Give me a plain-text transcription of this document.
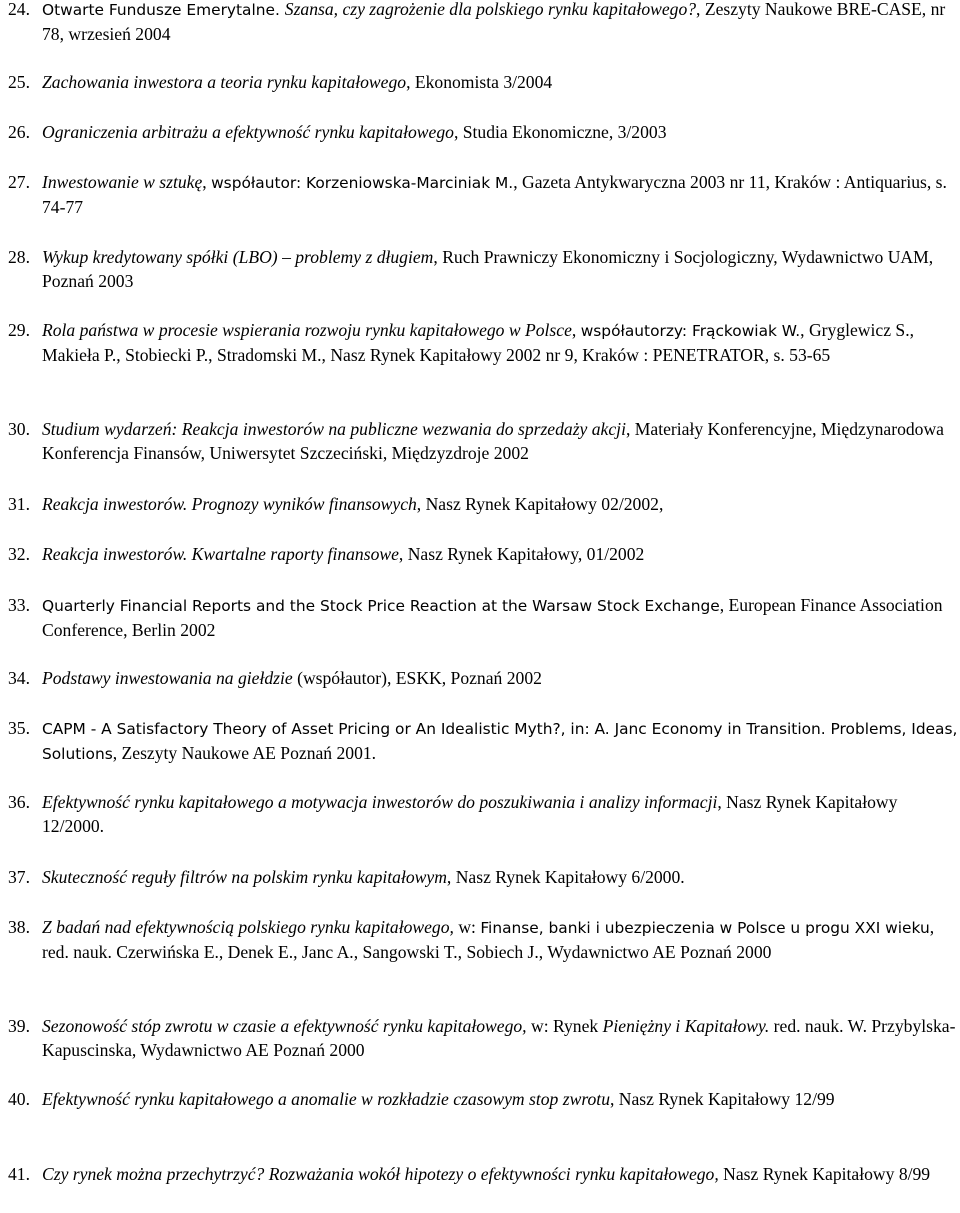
24. Otwarte Fundusze Emerytalne. Szansa, czy zagrożenie dla polskiego rynku kapitałowego?, Zeszyty Naukowe BRE-CASE, nr 78, wrzesień 2004
25. Zachowania inwestora a teoria rynku kapitałowego, Ekonomista 3/2004
26. Ograniczenia arbitrażu a efektywność rynku kapitałowego, Studia Ekonomiczne, 3/2003
27. Inwestowanie w sztukę, współautor: Korzeniowska-Marciniak M., Gazeta Antykwaryczna 2003 nr 11, Kraków : Antiquarius, s. 74-77
28. Wykup kredytowany spółki (LBO) – problemy z długiem, Ruch Prawniczy Ekonomiczny i Socjologiczny, Wydawnictwo UAM, Poznań 2003
29. Rola państwa w procesie wspierania rozwoju rynku kapitałowego w Polsce, współautorzy: Frąckowiak W., Gryglewicz S., Makieła P., Stobiecki P., Stradomski M., Nasz Rynek Kapitałowy 2002 nr 9, Kraków : PENETRATOR, s. 53-65
30. Studium wydarzeń: Reakcja inwestorów na publiczne wezwania do sprzedaży akcji, Materiały Konferencyjne, Międzynarodowa Konferencja Finansów, Uniwersytet Szczeciński, Międzyzdroje 2002
31. Reakcja inwestorów. Prognozy wyników finansowych, Nasz Rynek Kapitałowy 02/2002,
32. Reakcja inwestorów. Kwartalne raporty finansowe, Nasz Rynek Kapitałowy, 01/2002
33. Quarterly Financial Reports and the Stock Price Reaction at the Warsaw Stock Exchange, European Finance Association Conference, Berlin 2002
34. Podstawy inwestowania na giełdzie (współautor), ESKK, Poznań 2002
35. CAPM - A Satisfactory Theory of Asset Pricing or An Idealistic Myth?, in: A. Janc Economy in Transition. Problems, Ideas, Solutions, Zeszyty Naukowe AE Poznań 2001.
36. Efektywność rynku kapitałowego a motywacja inwestorów do poszukiwania i analizy informacji, Nasz Rynek Kapitałowy 12/2000.
37. Skuteczność reguły filtrów na polskim rynku kapitałowym, Nasz Rynek Kapitałowy 6/2000.
38. Z badań nad efektywnością polskiego rynku kapitałowego, w: Finanse, banki i ubezpieczenia w Polsce u progu XXI wieku, red. nauk. Czerwińska E., Denek E., Janc A., Sangowski T., Sobiech J., Wydawnictwo AE Poznań 2000
39. Sezonowość stóp zwrotu w czasie a efektywność rynku kapitałowego, w: Rynek Pieniężny i Kapitałowy. red. nauk. W. Przybylska-Kapuscinska, Wydawnictwo AE Poznań 2000
40. Efektywność rynku kapitałowego a anomalie w rozkładzie czasowym stop zwrotu, Nasz Rynek Kapitałowy 12/99
41. Czy rynek można przechytrzyć? Rozważania wokół hipotezy o efektywności rynku kapitałowego, Nasz Rynek Kapitałowy 8/99
